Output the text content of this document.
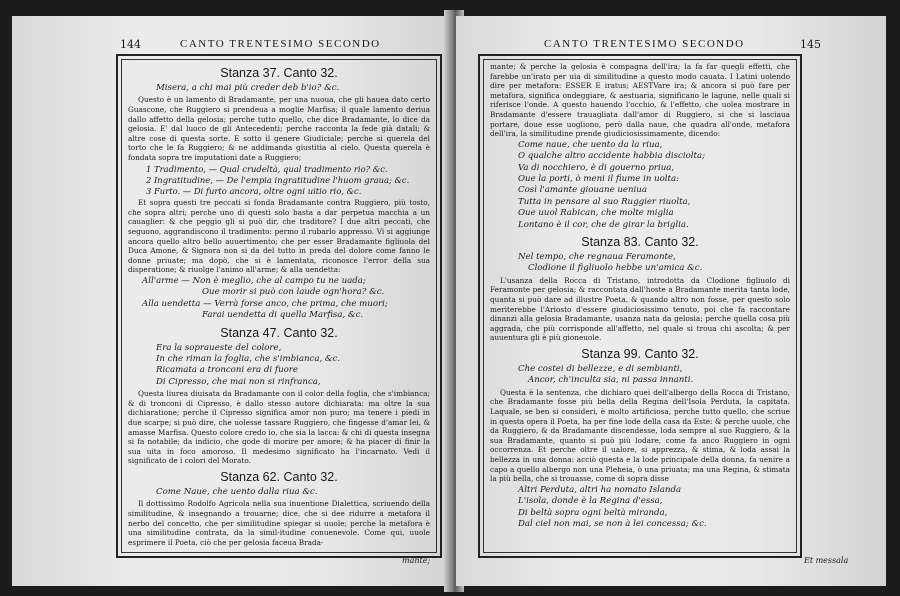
144	CANTO TRENTESIMO SECONDO
Stanza 37. Canto 32.
Misera, a chi mai più creder deb b'io? &c.

Questo è un lamento di Bradamante, per una nuoua, che gli hauea dato certo Guascone, che Ruggiero si prendeua a moglie Marfisa; il quale lamento deriua dallo affetto della gelosia; perche tutto quello, che dice Bradamante, lo dice da gelosia. E' dal luoco de gli Antecedenti; perche racconta la fede già datali; & altre cose di questa sorte. E sotto il genere Giudiciale; perche si querela del torto che le fa Ruggiero; & ne addimanda giustitia al cielo. Questa querela è fondata sopra tre imputationi date a Ruggiero;

1 Tradimento, — Qual crudeltà, qual tradimento rio? &c.
2 Ingratitudine, — De l'empia ingratitudine l'huom graua; &c.
3 Furto. — Di furto ancora, oltre ogni uitio rio, &c.

Et sopra questi tre peccati si fonda Bradamante contra Ruggiero, più tosto, che sopra altri; perche uno di questi solo basta a dar perpetua macchia a un cauaglier: & che peggio gli si può dir, che traditore? I due altri peccati, che seguono, aggrandiscono il tradimento: permo il rubarlo appresso. Vi si aggiunge ancora quello altro bello auuertimento; che per esser Bradamante figliuola del Duca Amone, & Signora non si da del tutto in preda del dolore come fanno le donne priuate; ma dopò, che si è lamentata, riconosce l'error della sua disperatione; & riuolge l'animo all'arme; & alla uendetta:

All'arme — Non è meglio, che al campo tu ne uada;
Oue morir si può con laude ogn'hora? &c.
Alla uendetta — Verrà forse anco, che prima, che muori;
Farai uendetta di quella Marfisa, &c.
Stanza 47. Canto 32.
Era la sopraueste del colore,
In che riman la foglia, che s'imbianca, &c.
Ricamata a tronconi era di fuore
Di Cipresso, che mai non si rinfranca,

Questa liurea diuisata da Bradamante con il color della foglia, che s'imbianca; & di tronconi di Cipresso, è dallo stesso autore dichiarata: ma oltre la sua dichiaratione; perche il Cipresso significa amor non puro; ma tenere i piedi in due scarpe; si può dire, che uolesse tassare Ruggiero, che fingesse d'amar lei, & amasse Marfisa. Questo colore credo io, che sia la lacca: & chi di questa insegna si fa notabile; da indicio, che gode di morire per amore; & ha piacer di finir la sua uita in foco amoroso. Il medesimo significato ha l'incarnato. Vedi il significato de i colori del Morato.

Stanza 62. Canto 32.
Come Naue, che uento dalla riua &c.

Il dottissimo Rodolfo Agricola nella sua inuentione Dialettica, scriuendo della similitudine, & insegnando a trouarne; dice, che si dee ridurre a metafora il nerbo del concetto, che per similitudine spiegar si uuole; perche la metafora è una similitudine contrata, da la simil-itudine conuenevole. Come qui, uuole esprimere il Poeta, ciò che per gelosia faceua Brada-

mante;
CANTO TRENTESIMO SECONDO	145

mante; & perche la gelosia è compagna dell'ira; la fa far quegli effetti, che farebbe un'irato per uia di similitudine a questo modo cauata. I Latini uolendo dire per metafora: ESSER E iratus; AESTVare ira; & ancora si può fare per metafora, significa ondeggiare, & aestuaria, significano le lagune, nelle quali si riferisce l'onde. A questo hauendo l'occhio, & l'effetto, che uolea mostrare in Bradamante d'essere trauagliata dall'amor di Ruggiero, si che si lasciaua portare, doue esse uogliono, però dalla naue, che quadra all'onde, metafora dell'ira, la similitudine prende giudiciosissimamente, dicendo:

Come naue, che uento da la riua,
O qualche altro accidente habbia disciolta;
Va di nocchiero, è di gouerno priua,
Oue la porti, ò meni il fiume in uolta:
Così l'amante giouane ueniua
Tutta in pensare al suo Ruggier riuolta,
Oue uuol Rabican, che molte miglia
Lontano è il cor, che de girar la briglia.
Stanza 83. Canto 32.
Nel tempo, che regnaua Feramonte,
Clodione il figliuolo hebbe un'amica &c.

L'usanza della Rocca di Tristano, introdotta da Clodione figliuolo di Feramonte per gelosia; & raccontata dall'hoste a Bradamante merita tanta lode, quanta si può dare ad illustre Poeta, & quando altro non fosse, per questo solo meriterebbe l'Ariosto d'essere giudiciosissimo tenuto, poi che fa raccontare dinanzi alla gelosia Bradamante, usanza nata da gelosia; perche quella cosa più aggrada, che più corrisponde all'affetto, nel quale si troua chi ascolta; & per auuentura gli è più gioneuole.

Stanza 99. Canto 32.
Che costei di bellezze, e di sembianti,
Ancor, ch'inculta sia, ni passa innanti.

Questa è la sentenza, che dichiaro quei dell'albergo della Rocca di Tristano, che Bradamante fosse più bella della Regina dell'Isola Perduta, la capitata. Laquale, se ben si consideri, è molto artificiosa, perche tutto quello, che scriue in questa opera il Poeta, ha per fine lode della casa da Este: & perche uuole, che da Ruggiero, & da Bradamante discendesse, loda sempre al suo Ruggiero, & la sua Bradamante, quanto si può più lodare, come fa anco Ruggiero in ogni occorrenza. Et perche oltre il ualore, si apprezza, & stima, & loda assai la bellezza in una donna: acciò questa e la lode principale della donna, fa uenire a capo a quello albergo non una Pleheia, ò una priuata; ma una Regina, & stimata la più bella, che si trouasse, come di sopra disse

Altri Perduta, altri ha nomato Islanda
L'isola, donde è la Regina d'essa,
Di beltà sopra ogni beltà miranda,
Dal ciel non mai, se non à lei concessa; &c.
Et messala
